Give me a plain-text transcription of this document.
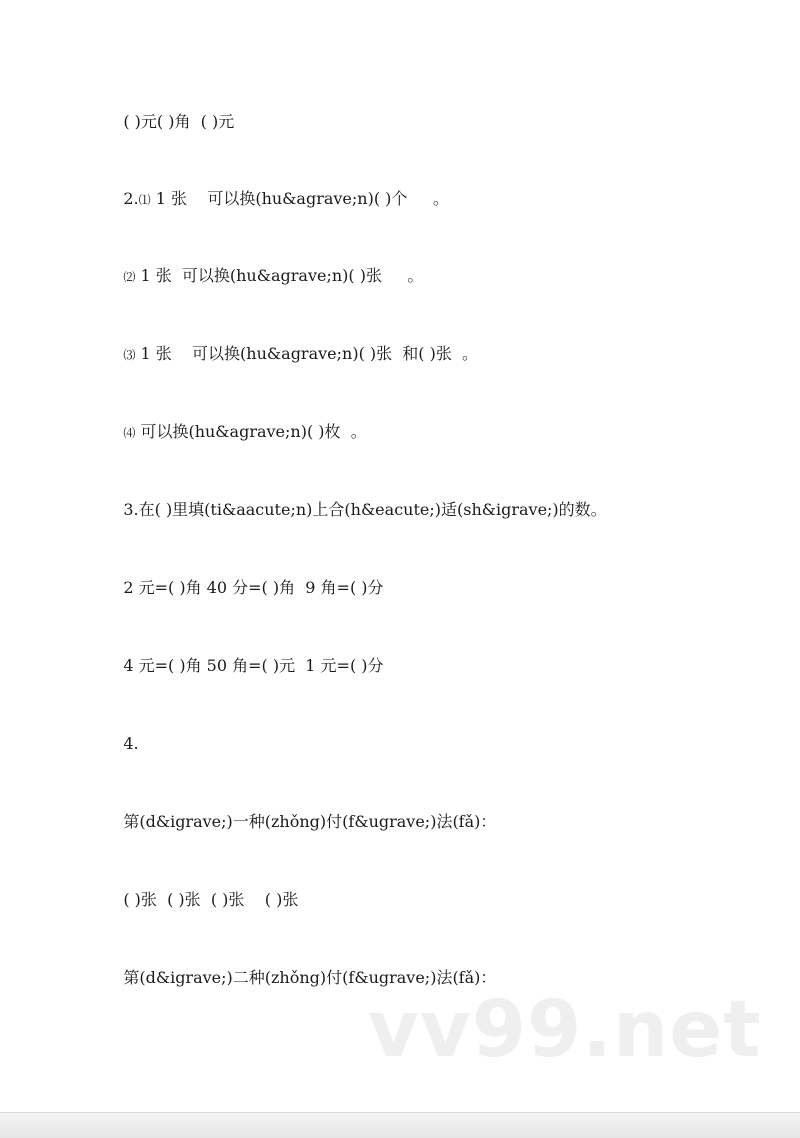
( )元( )角  ( )元

2.⑴ 1 张    可以换(hu&agrave;n)( )个     。

⑵ 1 张  可以换(hu&agrave;n)( )张     。

⑶ 1 张    可以换(hu&agrave;n)( )张  和( )张  。

⑷ 可以换(hu&agrave;n)( )枚  。

3.在( )里填(ti&aacute;n)上合(h&eacute;)适(sh&igrave;)的数。

2 元=( )角 40 分=( )角  9 角=( )分

4 元=( )角 50 角=( )元  1 元=( )分

4.

第(d&igrave;)一种(zhǒng)付(f&ugrave;)法(fǎ)：

( )张  ( )张  ( )张    ( )张

第(d&igrave;)二种(zhǒng)付(f&ugrave;)法(fǎ)：

vv99.net
